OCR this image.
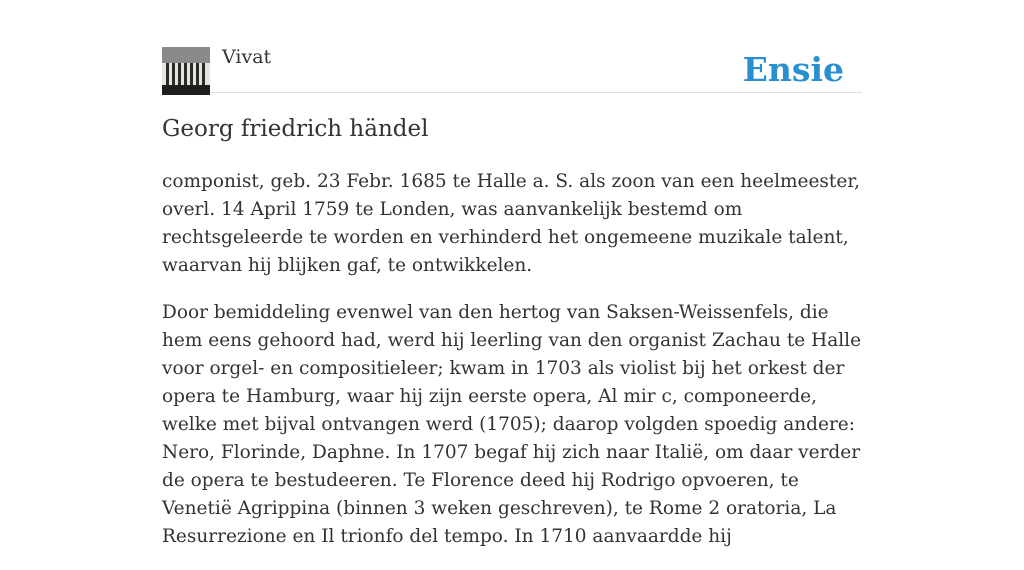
Vivat	Ensie
Georg friedrich händel

componist, geb. 23 Febr. 1685 te Halle a. S. als zoon van een heelmeester, overl. 14 April 1759 te Londen, was aanvankelijk bestemd om rechtsgeleerde te worden en verhinderd het ongemeene muzikale talent, waarvan hij blijken gaf, te ontwikkelen.

Door bemiddeling evenwel van den hertog van Saksen-Weissenfels, die hem eens gehoord had, werd hij leerling van den organist Zachau te Halle voor orgel- en compositieleer; kwam in 1703 als violist bij het orkest der opera te Hamburg, waar hij zijn eerste opera, Al mir c, componeerde, welke met bijval ontvangen werd (1705); daarop volgden spoedig andere: Nero, Florinde, Daphne. In 1707 begaf hij zich naar Italië, om daar verder de opera te bestudeeren. Te Florence deed hij Rodrigo opvoeren, te Venetië Agrippina (binnen 3 weken geschreven), te Rome 2 oratoria, La Resurrezione en Il trionfo del tempo. In 1710 aanvaardde hij
